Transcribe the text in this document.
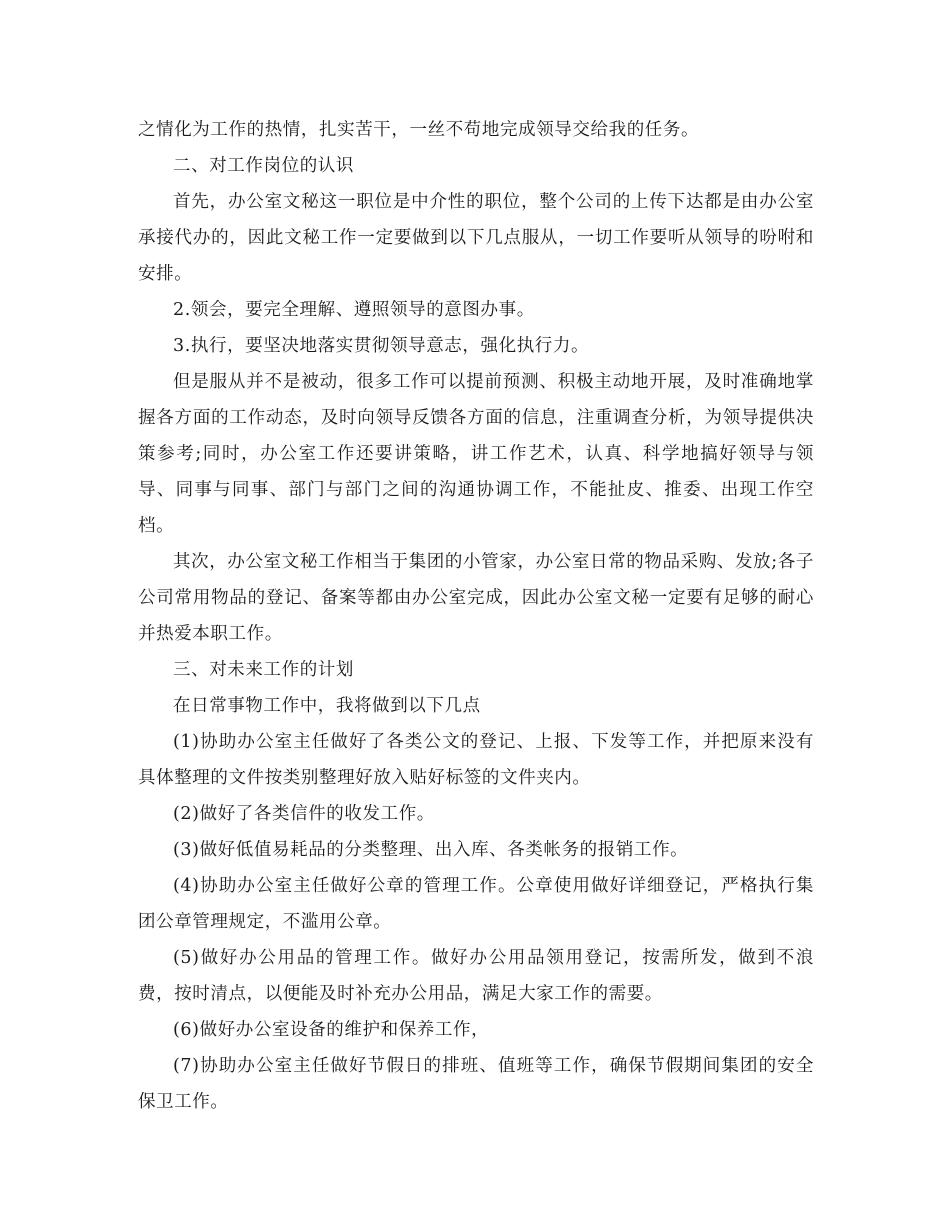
之情化为工作的热情，扎实苦干，一丝不苟地完成领导交给我的任务。

二、对工作岗位的认识

首先，办公室文秘这一职位是中介性的职位，整个公司的上传下达都是由办公室承接代办的，因此文秘工作一定要做到以下几点服从，一切工作要听从领导的吩咐和安排。

2.领会，要完全理解、遵照领导的意图办事。

3.执行，要坚决地落实贯彻领导意志，强化执行力。

但是服从并不是被动，很多工作可以提前预测、积极主动地开展，及时准确地掌握各方面的工作动态，及时向领导反馈各方面的信息，注重调查分析，为领导提供决策参考;同时，办公室工作还要讲策略，讲工作艺术，认真、科学地搞好领导与领导、同事与同事、部门与部门之间的沟通协调工作，不能扯皮、推委、出现工作空档。

其次，办公室文秘工作相当于集团的小管家，办公室日常的物品采购、发放;各子公司常用物品的登记、备案等都由办公室完成，因此办公室文秘一定要有足够的耐心并热爱本职工作。

三、对未来工作的计划

在日常事物工作中，我将做到以下几点

(1)协助办公室主任做好了各类公文的登记、上报、下发等工作，并把原来没有具体整理的文件按类别整理好放入贴好标签的文件夹内。

(2)做好了各类信件的收发工作。

(3)做好低值易耗品的分类整理、出入库、各类帐务的报销工作。

(4)协助办公室主任做好公章的管理工作。公章使用做好详细登记，严格执行集团公章管理规定，不滥用公章。

(5)做好办公用品的管理工作。做好办公用品领用登记，按需所发，做到不浪费，按时清点，以便能及时补充办公用品，满足大家工作的需要。

(6)做好办公室设备的维护和保养工作，

(7)协助办公室主任做好节假日的排班、值班等工作，确保节假期间集团的安全保卫工作。
